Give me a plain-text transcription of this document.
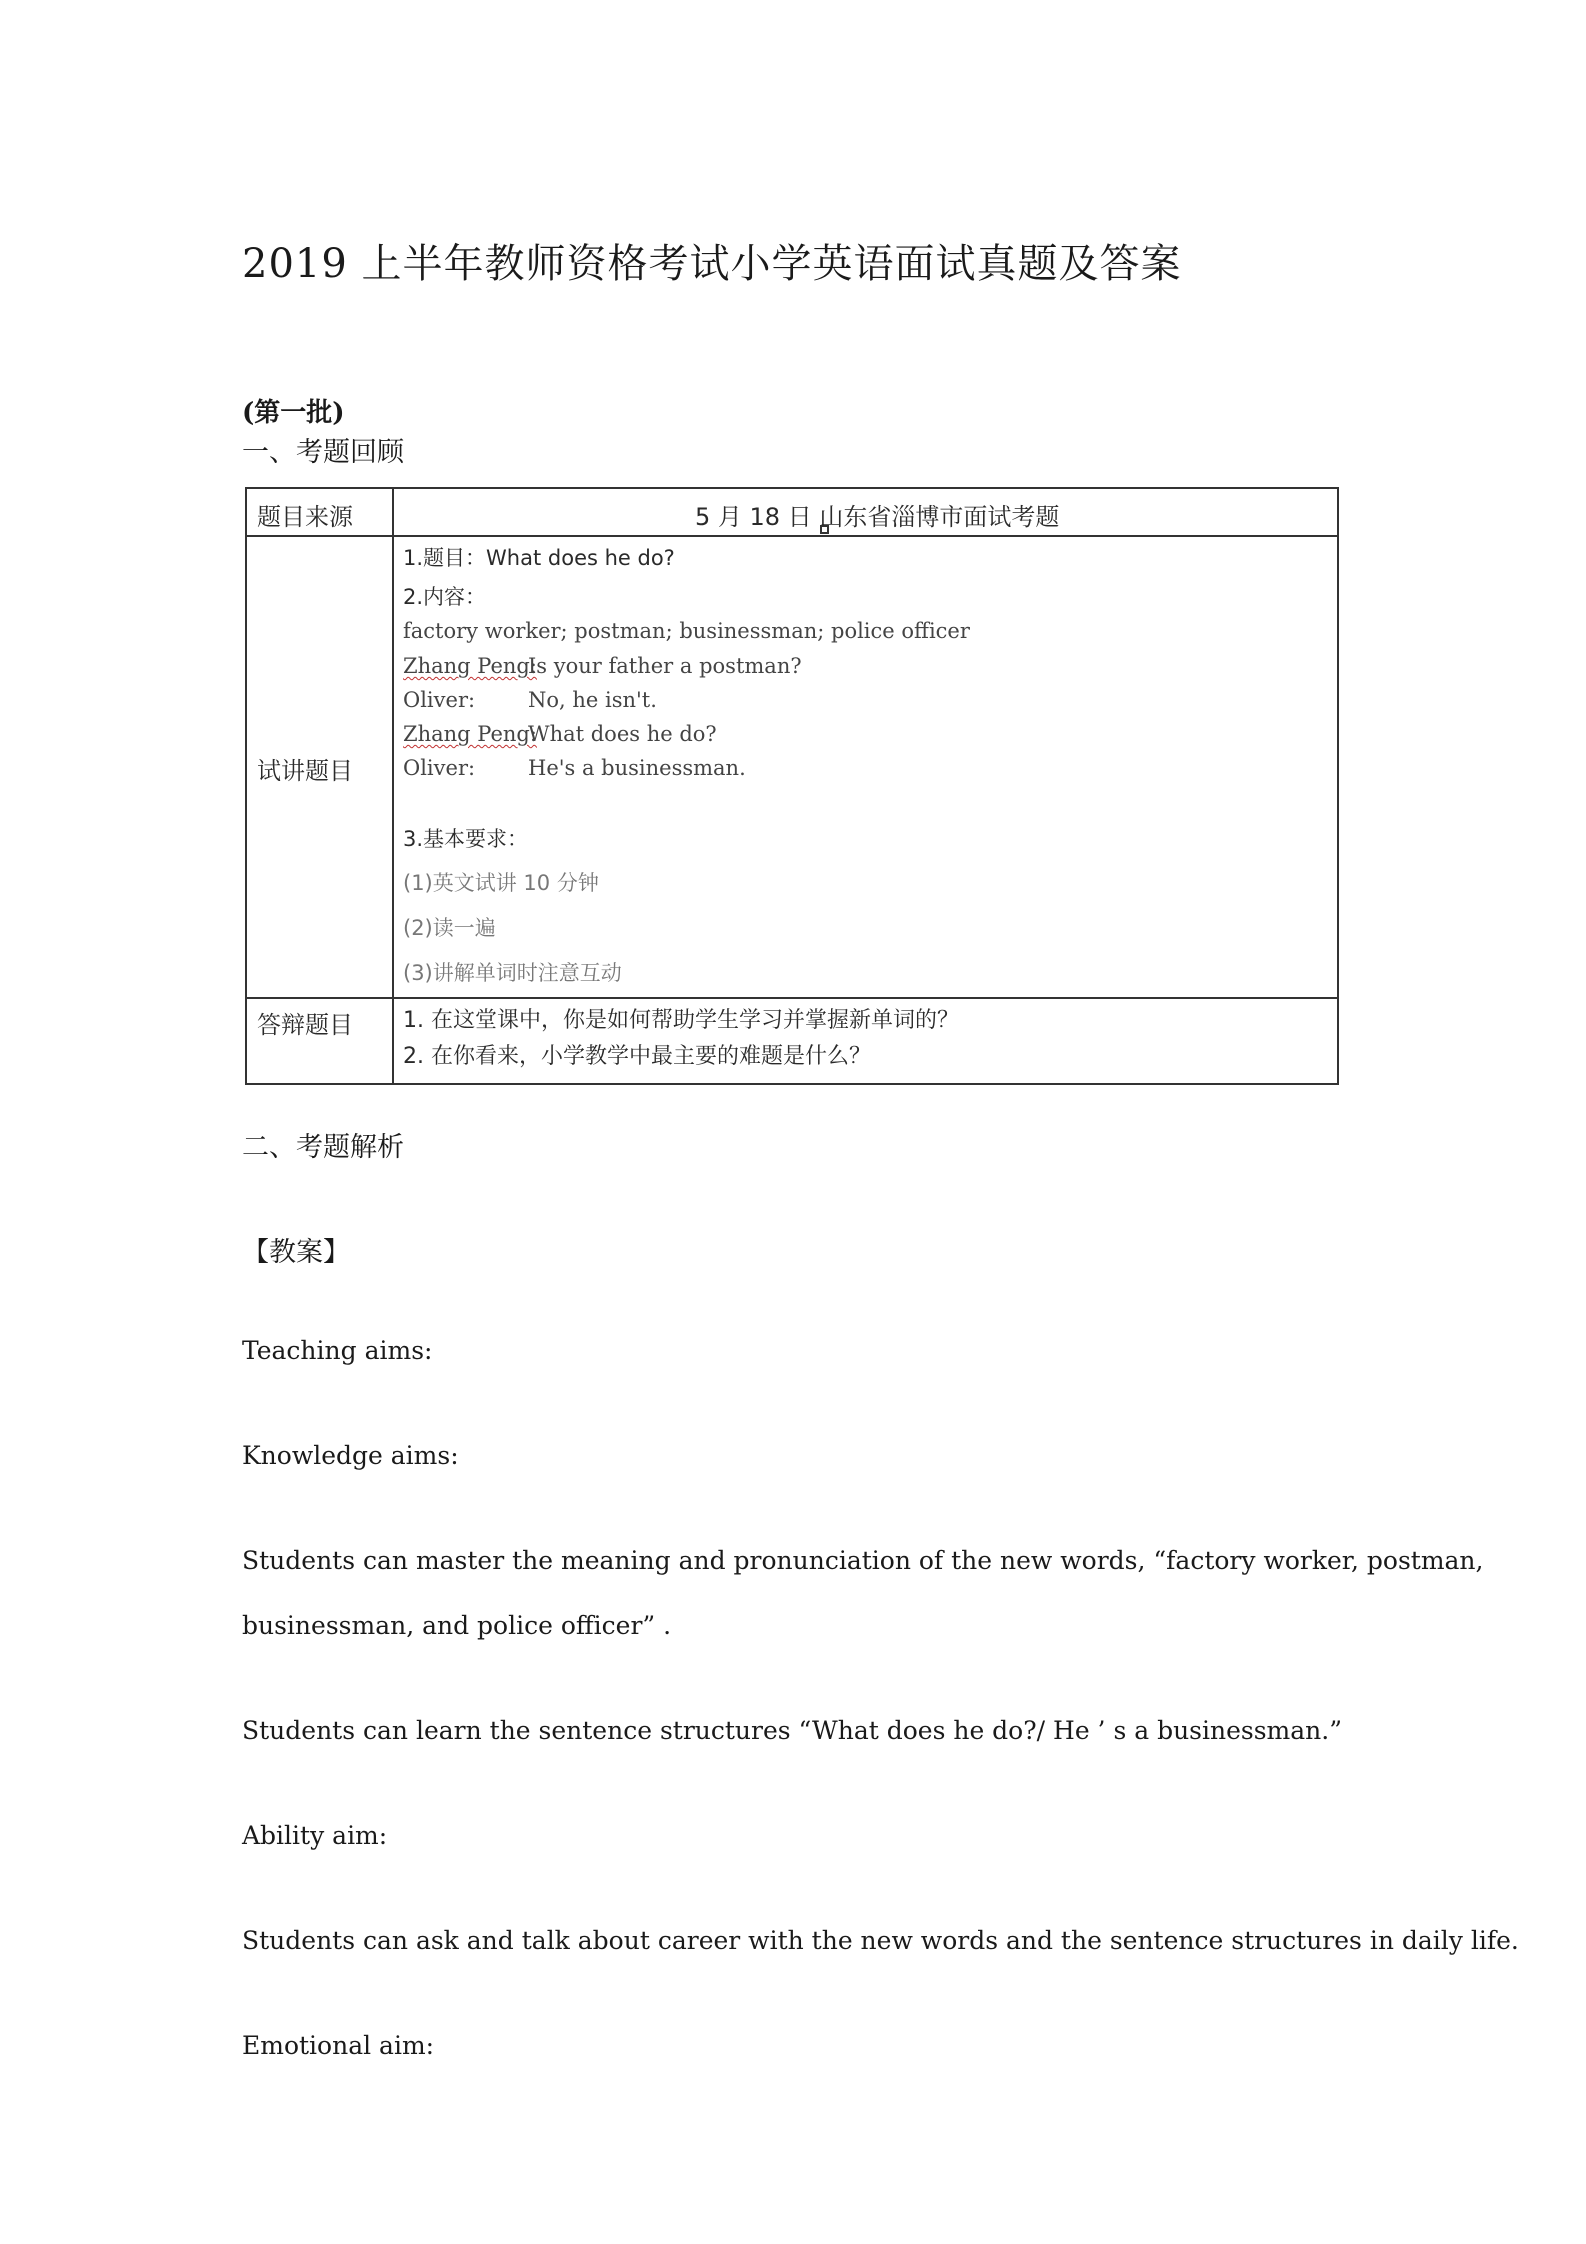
2019 上半年教师资格考试小学英语面试真题及答案
(第一批)
一、考题回顾
题目来源	5 月 18 日 山东省淄博市面试考题
试讲题目
1.题目：What does he do?
2.内容：
factory worker; postman; businessman; police officer
Zhang Peng:Is your father a postman?
Oliver:	No, he isn't.
Zhang Peng:What does he do?
Oliver:	He's a businessman.
3.基本要求：
(1)英文试讲 10 分钟
(2)读一遍
(3)讲解单词时注意互动
答辩题目 1. 在这堂课中，你是如何帮助学生学习并掌握新单词的？
2. 在你看来，小学教学中最主要的难题是什么？
二、考题解析
【教案】
Teaching aims:
Knowledge aims:
Students can master the meaning and pronunciation of the new words, “factory worker, postman,
businessman, and police officer” .
Students can learn the sentence structures “What does he do?/ He ’ s a businessman.”
Ability aim:
Students can ask and talk about career with the new words and the sentence structures in daily life.
Emotional aim:
